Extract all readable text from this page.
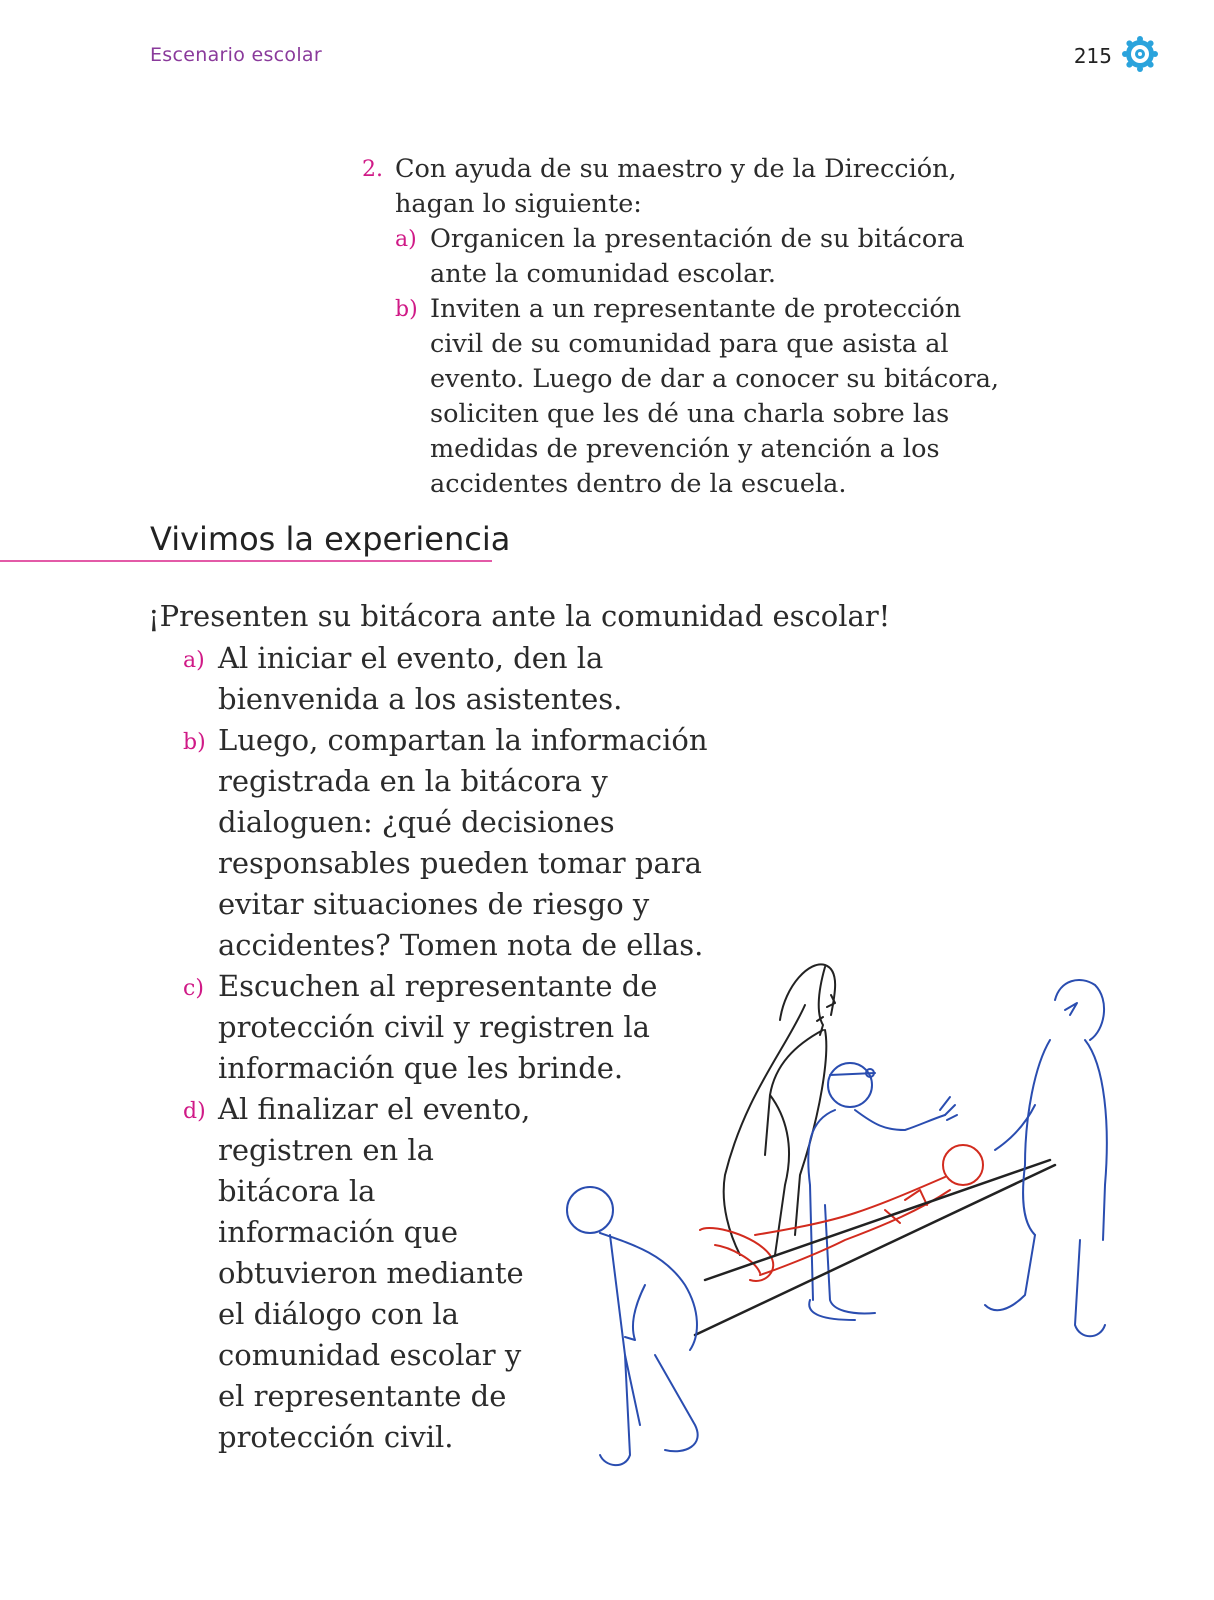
Escenario escolar	215
2. Con ayuda de su maestro y de la Dirección, hagan lo siguiente:
a) Organicen la presentación de su bitácora ante la comunidad escolar.
b) Inviten a un representante de protección civil de su comunidad para que asista al evento. Luego de dar a conocer su bitácora, soliciten que les dé una charla sobre las medidas de prevención y atención a los accidentes dentro de la escuela.
Vivimos la experiencia
¡Presenten su bitácora ante la comunidad escolar!
a) Al iniciar el evento, den la bienvenida a los asistentes.
b) Luego, compartan la información registrada en la bitácora y dialoguen: ¿qué decisiones responsables pueden tomar para evitar situaciones de riesgo y accidentes? Tomen nota de ellas.
c) Escuchen al representante de protección civil y registren la información que les brinde.
d) Al finalizar el evento, registren en la bitácora la información que obtuvieron mediante el diálogo con la comunidad escolar y el representante de protección civil.
